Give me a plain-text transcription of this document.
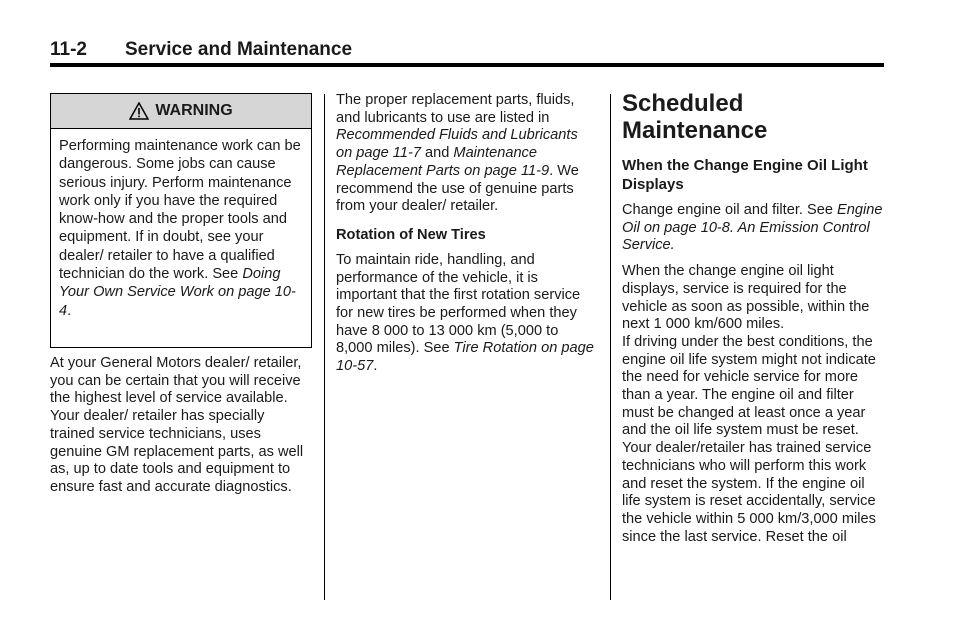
11-2 Service and Maintenance
WARNING
Performing maintenance work can be dangerous. Some jobs can cause serious injury. Perform maintenance work only if you have the required know-how and the proper tools and equipment. If in doubt, see your dealer/ retailer to have a qualified technician do the work. See Doing Your Own Service Work on page 10-4.

At your General Motors dealer/ retailer, you can be certain that you will receive the highest level of service available. Your dealer/ retailer has specially trained service technicians, uses genuine GM replacement parts, as well as, up to date tools and equipment to ensure fast and accurate diagnostics.

The proper replacement parts, fluids, and lubricants to use are listed in Recommended Fluids and Lubricants on page 11-7 and Maintenance Replacement Parts on page 11-9. We recommend the use of genuine parts from your dealer/ retailer.

Rotation of New Tires

To maintain ride, handling, and performance of the vehicle, it is important that the first rotation service for new tires be performed when they have 8 000 to 13 000 km (5,000 to 8,000 miles). See Tire Rotation on page 10-57.

Scheduled Maintenance

When the Change Engine Oil Light Displays

Change engine oil and filter. See Engine Oil on page 10-8. An Emission Control Service.

When the change engine oil light displays, service is required for the vehicle as soon as possible, within the next 1 000 km/600 miles.

If driving under the best conditions, the engine oil life system might not indicate the need for vehicle service for more than a year. The engine oil and filter must be changed at least once a year and the oil life system must be reset. Your dealer/retailer has trained service technicians who will perform this work and reset the system. If the engine oil life system is reset accidentally, service the vehicle within 5 000 km/3,000 miles since the last service. Reset the oil
